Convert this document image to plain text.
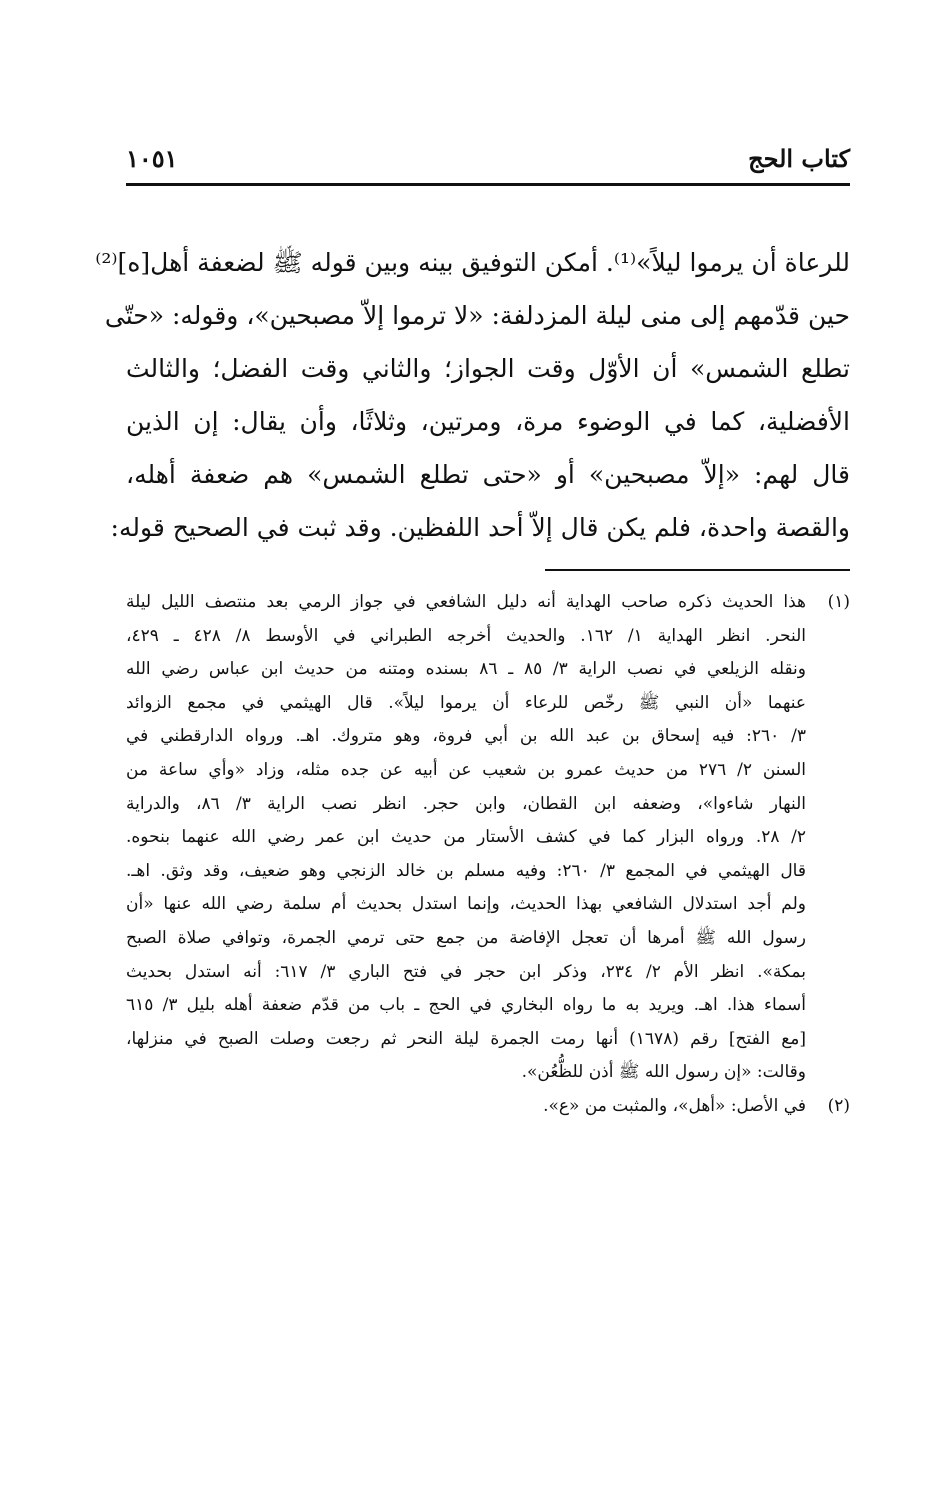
كتاب الحج
١٠٥١
للرعاة أن يرموا ليلاً»⁽¹⁾. أمكن التوفيق بينه وبين قوله ﷺ لضعفة أهل[ه]⁽²⁾
حين قدّمهم إلى منى ليلة المزدلفة: «لا ترموا إلاّ مصبحين»، وقوله: «حتّى
تطلع الشمس» أن الأوّل وقت الجواز؛ والثاني وقت الفضل؛ والثالث
الأفضلية، كما في الوضوء مرة، ومرتين، وثلاثًا، وأن يقال: إن الذين
قال لهم: «إلاّ مصبحين» أو «حتى تطلع الشمس» هم ضعفة أهله،
والقصة واحدة، فلم يكن قال إلاّ أحد اللفظين. وقد ثبت في الصحيح قوله:
(١)
هذا الحديث ذكره صاحب الهداية أنه دليل الشافعي في جواز الرمي بعد منتصف الليل ليلة
النحر. انظر الهداية ١/ ١٦٢. والحديث أخرجه الطبراني في الأوسط ٨/ ٤٢٨ ـ ٤٢٩،
ونقله الزيلعي في نصب الراية ٣/ ٨٥ ـ ٨٦ بسنده ومتنه من حديث ابن عباس رضي الله
عنهما «أن النبي ﷺ رخّص للرعاء أن يرموا ليلاً». قال الهيثمي في مجمع الزوائد
٣/ ٢٦٠: فيه إسحاق بن عبد الله بن أبي فروة، وهو متروك. اهـ. ورواه الدارقطني في
السنن ٢/ ٢٧٦ من حديث عمرو بن شعيب عن أبيه عن جده مثله، وزاد «وأي ساعة من
النهار شاءوا»، وضعفه ابن القطان، وابن حجر. انظر نصب الراية ٣/ ٨٦، والدراية
٢/ ٢٨. ورواه البزار كما في كشف الأستار من حديث ابن عمر رضي الله عنهما بنحوه.
قال الهيثمي في المجمع ٣/ ٢٦٠: وفيه مسلم بن خالد الزنجي وهو ضعيف، وقد وثق. اهـ.
ولم أجد استدلال الشافعي بهذا الحديث، وإنما استدل بحديث أم سلمة رضي الله عنها «أن
رسول الله ﷺ أمرها أن تعجل الإفاضة من جمع حتى ترمي الجمرة، وتوافي صلاة الصبح
بمكة». انظر الأم ٢/ ٢٣٤، وذكر ابن حجر في فتح الباري ٣/ ٦١٧: أنه استدل بحديث
أسماء هذا. اهـ. ويريد به ما رواه البخاري في الحج ـ باب من قدّم ضعفة أهله بليل ٣/ ٦١٥
[مع الفتح] رقم (١٦٧٨) أنها رمت الجمرة ليلة النحر ثم رجعت وصلت الصبح في منزلها،
وقالت: «إن رسول الله ﷺ أذن للظُّعُن».
(٢)
في الأصل: «أهل»، والمثبت من «ع».
